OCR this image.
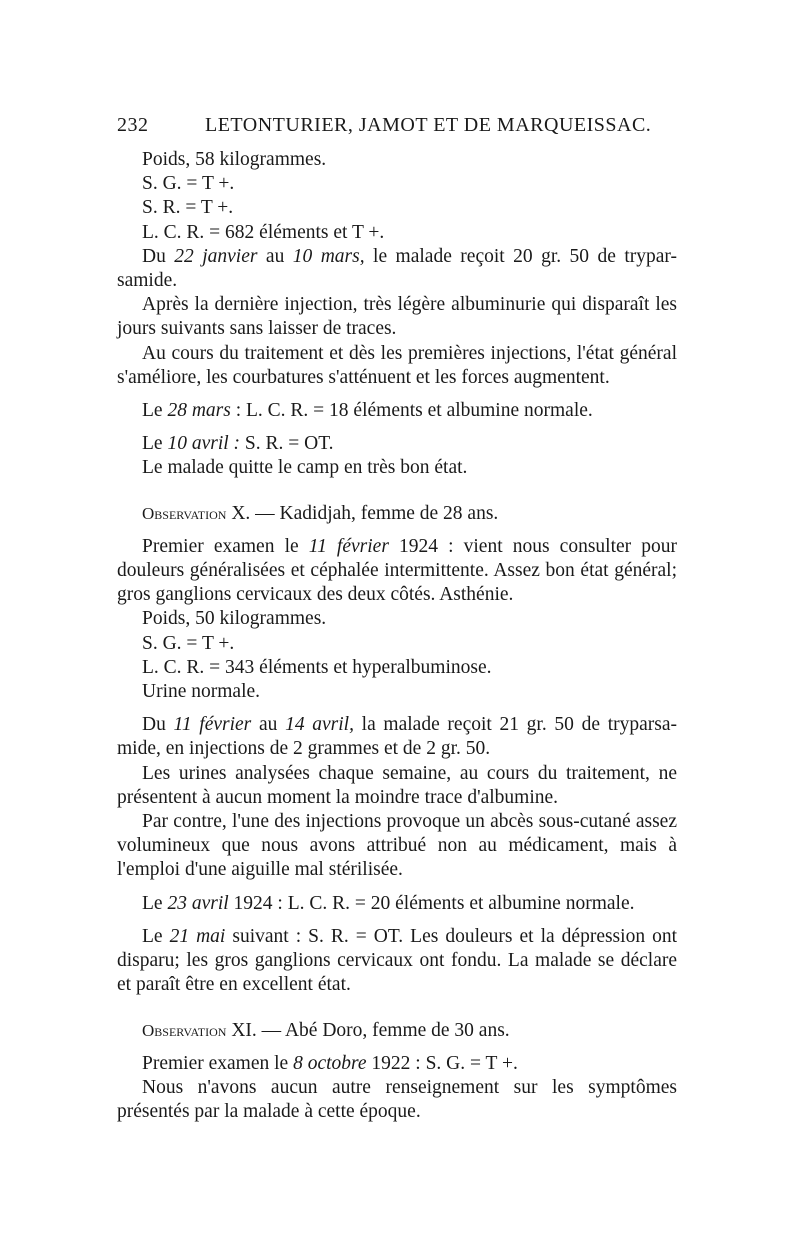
232	LETONTURIER, JAMOT ET DE MARQUEISSAC.

Poids, 58 kilogrammes.

S. G. = T +.

S. R. = T +.

L. C. R. = 682 éléments et T +.

Du 22 janvier au 10 mars, le malade reçoit 20 gr. 50 de trypar-samide.

Après la dernière injection, très légère albuminurie qui disparaît les jours suivants sans laisser de traces.

Au cours du traitement et dès les premières injections, l'état général s'améliore, les courbatures s'atténuent et les forces augmentent.

Le 28 mars : L. C. R. = 18 éléments et albumine normale.

Le 10 avril : S. R. = OT.

Le malade quitte le camp en très bon état.

Observation X. — Kadidjah, femme de 28 ans.

Premier examen le 11 février 1924 : vient nous consulter pour douleurs généralisées et céphalée intermittente. Assez bon état général; gros ganglions cervicaux des deux côtés. Asthénie.

Poids, 50 kilogrammes.

S. G. = T +.

L. C. R. = 343 éléments et hyperalbuminose.

Urine normale.

Du 11 février au 14 avril, la malade reçoit 21 gr. 50 de tryparsa-mide, en injections de 2 grammes et de 2 gr. 50.

Les urines analysées chaque semaine, au cours du traitement, ne présentent à aucun moment la moindre trace d'albumine.

Par contre, l'une des injections provoque un abcès sous-cutané assez volumineux que nous avons attribué non au médicament, mais à l'emploi d'une aiguille mal stérilisée.

Le 23 avril 1924 : L. C. R. = 20 éléments et albumine normale.

Le 21 mai suivant : S. R. = OT. Les douleurs et la dépression ont disparu; les gros ganglions cervicaux ont fondu. La malade se déclare et paraît être en excellent état.

Observation XI. — Abé Doro, femme de 30 ans.

Premier examen le 8 octobre 1922 : S. G. = T +.

Nous n'avons aucun autre renseignement sur les symptômes présentés par la malade à cette époque.
